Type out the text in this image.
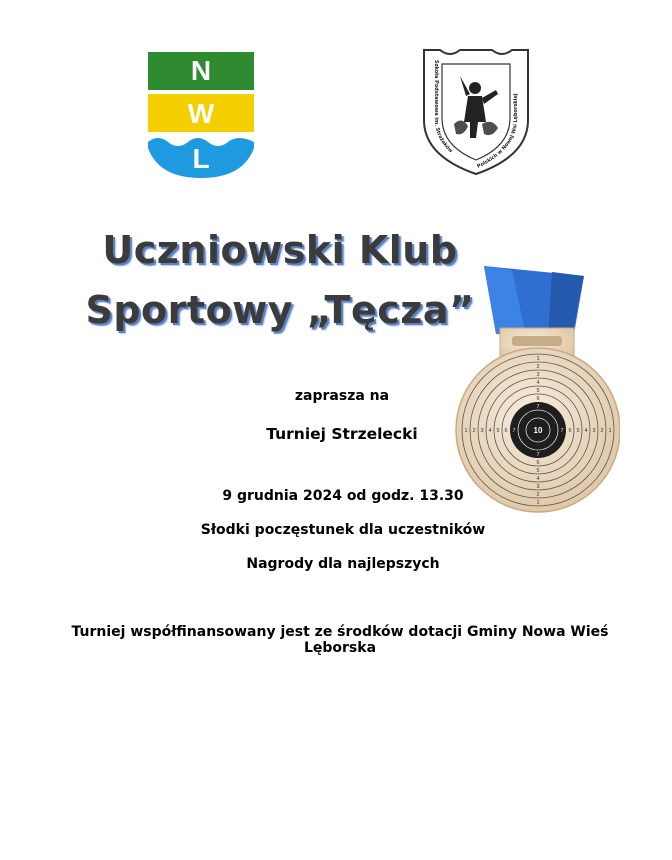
N
W
L
Szkoła Podstawowa im. Strażaków
Polskich w Nowej Wsi Lęborskiej
Uczniowski Klub
Sportowy „Tęcza”
10	1
1
1
1
2
2
2
2
3
3
3
3
4
4
4
4
5
5
5
5
6
6
6
6
7
7
7
7
zaprasza na
Turniej Strzelecki
9 grudnia 2024 od godz. 13.30
Słodki poczęstunek dla uczestników
Nagrody dla najlepszych
Turniej współfinansowany jest ze środków dotacji Gminy Nowa Wieś Lęborska
